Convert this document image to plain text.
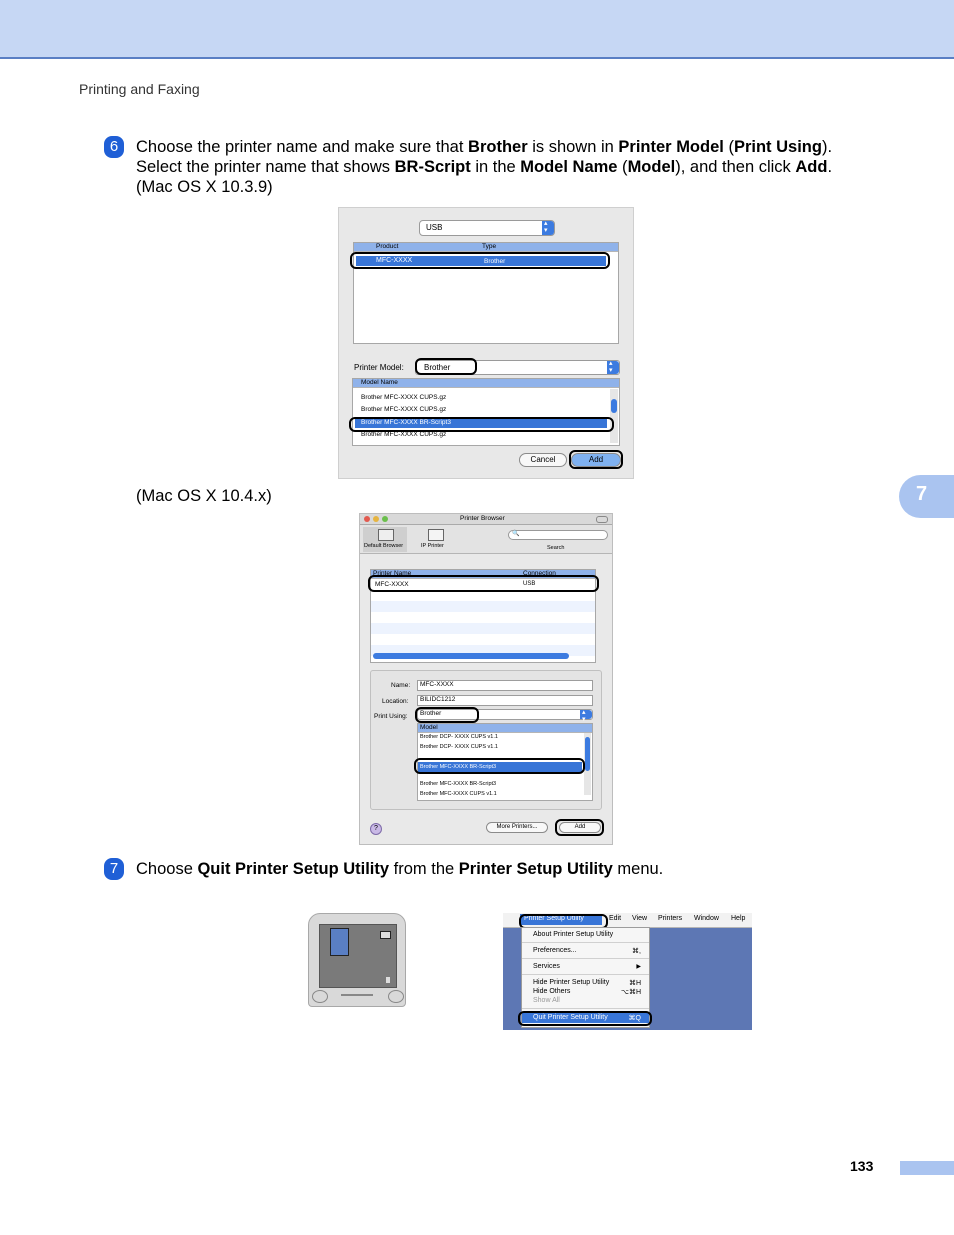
Printing and Faxing
7
6	Choose the printer name and make sure that Brother is shown in Printer Model (Print Using).
Select the printer name that shows BR-Script in the Model Name (Model), and then click Add.
(Mac OS X 10.3.9)
USB
▴▾
Product	Type
MFC-XXXX	Brother
Printer Model:	Brother
▴▾
Model Name
Brother MFC-XXXX CUPS.gz
Brother MFC-XXXX CUPS.gz
Brother MFC-XXXX BR-Script3
Brother MFC-XXXX CUPS.gz
Cancel	Add
(Mac OS X 10.4.x)
Printer Browser
Default Browser	IP Printer
🔍
Search
Printer Name	Connection
MFC-XXXX	USB
Name: MFC-XXXX
Location: BILIDC1212
Print Using: Brother
▴▾
Model
Brother DCP- XXXX CUPS v1.1
Brother DCP- XXXX CUPS v1.1
Brother MFC-XXXX BR-Script3
Brother MFC-XXXX BR-Script3
Brother MFC-XXXX CUPS v1.1
?	More Printers...	Add
7	Choose Quit Printer Setup Utility from the Printer Setup Utility menu.
Printer Setup Utility	Edit View Printers Window Help
About Printer Setup Utility
Preferences...	⌘,
Services	▶
Hide Printer Setup Utility	⌘H
Hide Others	⌥⌘H
Show All
Quit Printer Setup Utility	⌘Q
133
